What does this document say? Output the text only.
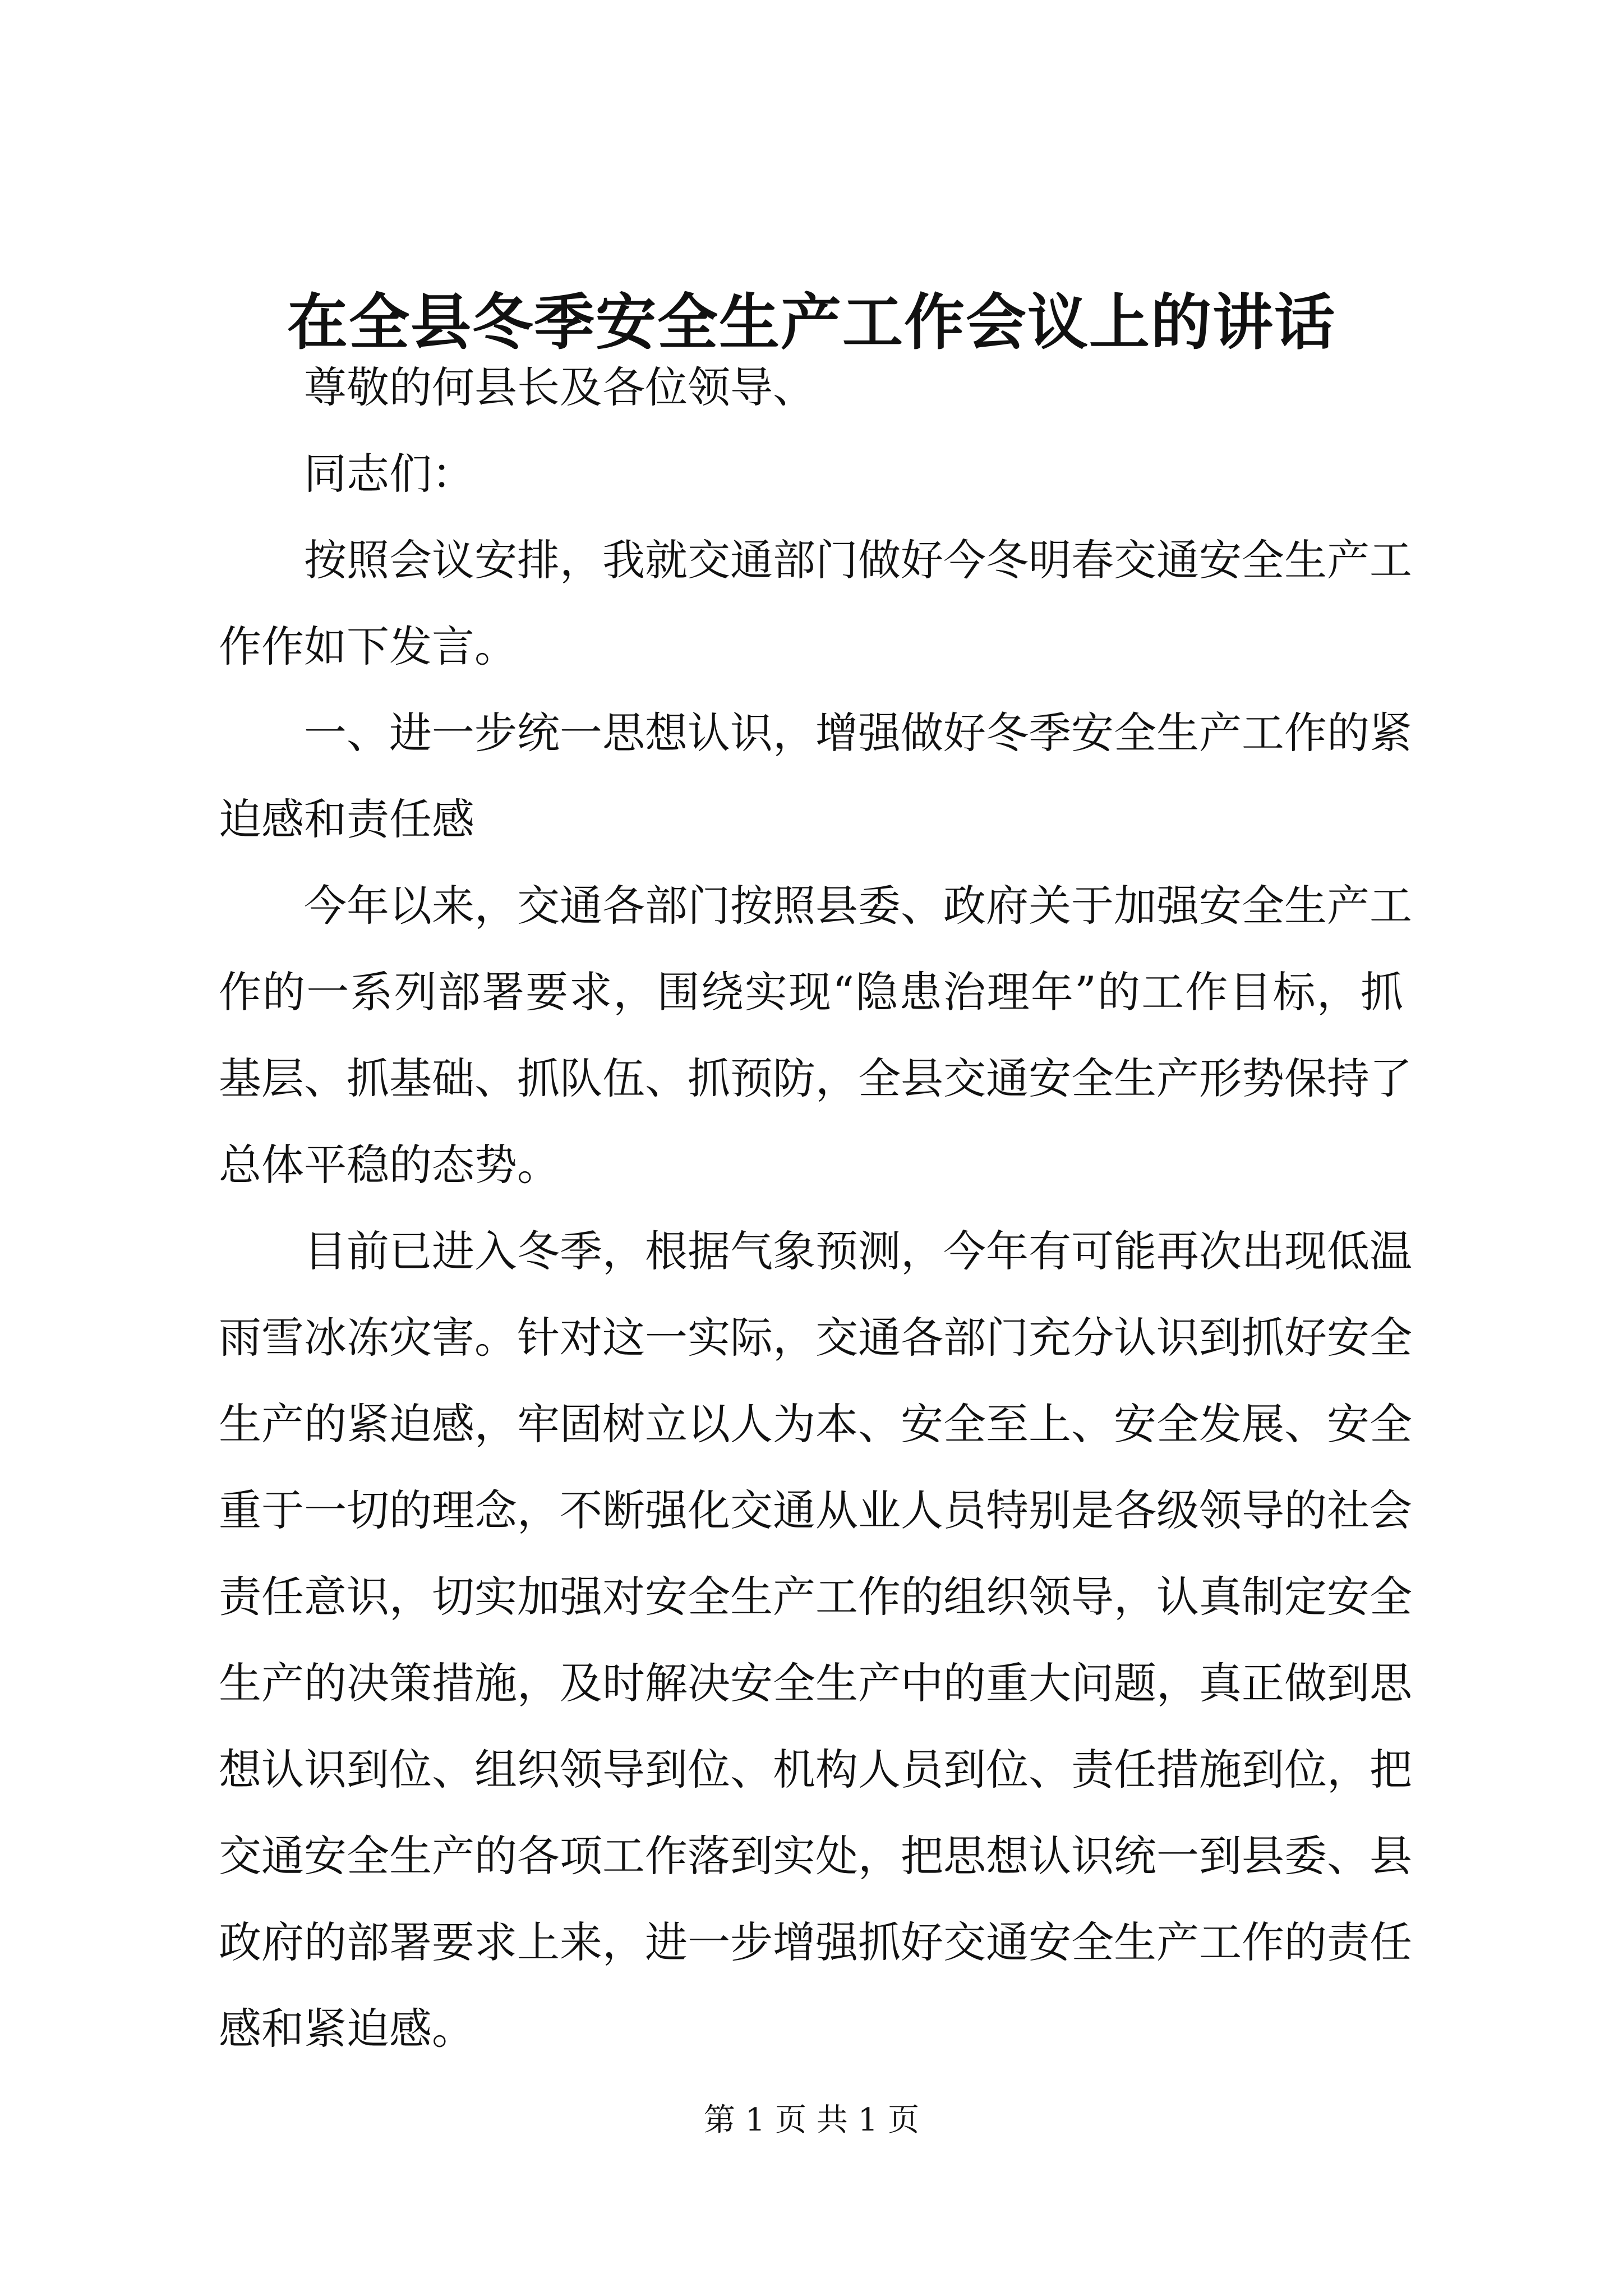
在全县冬季安全生产工作会议上的讲话
尊敬的何县长及各位领导、
同志们：
按照会议安排，我就交通部门做好今冬明春交通安全生产工
作作如下发言。
一、进一步统一思想认识，增强做好冬季安全生产工作的紧
迫感和责任感
今年以来，交通各部门按照县委、政府关于加强安全生产工
作的一系列部署要求，围绕实现“隐患治理年”的工作目标，抓
基层、抓基础、抓队伍、抓预防，全县交通安全生产形势保持了
总体平稳的态势。
目前已进入冬季，根据气象预测，今年有可能再次出现低温
雨雪冰冻灾害。针对这一实际，交通各部门充分认识到抓好安全
生产的紧迫感，牢固树立以人为本、安全至上、安全发展、安全
重于一切的理念，不断强化交通从业人员特别是各级领导的社会
责任意识，切实加强对安全生产工作的组织领导，认真制定安全
生产的决策措施，及时解决安全生产中的重大问题，真正做到思
想认识到位、组织领导到位、机构人员到位、责任措施到位，把
交通安全生产的各项工作落到实处，把思想认识统一到县委、县
政府的部署要求上来，进一步增强抓好交通安全生产工作的责任
感和紧迫感。
第 1 页 共 1 页
